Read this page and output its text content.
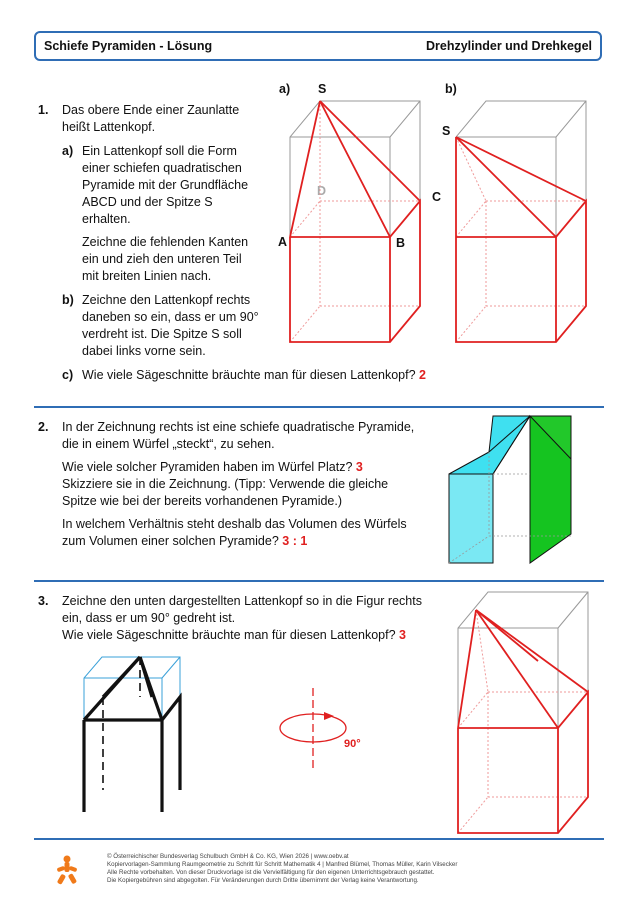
Schiefe Pyramiden - Lösung	Drehzylinder und Drehkegel
1. Das obere Ende einer Zaunlatte
heißt Lattenkopf.
a) Ein Lattenkopf soll die Form
einer schiefen quadratischen
Pyramide mit der Grundfläche
ABCD und der Spitze S
erhalten.
Zeichne die fehlenden Kanten
ein und zieh den unteren Teil
mit breiten Linien nach.
b) Zeichne den Lattenkopf rechts
daneben so ein, dass er um 90°
verdreht ist. Die Spitze S soll
dabei links vorne sein.
c) Wie viele Sägeschnitte bräuchte man für diesen Lattenkopf? 2
a)	b)
S
D	C
A	B
S
2. In der Zeichnung rechts ist eine schiefe quadratische Pyramide,
die in einem Würfel „steckt“, zu sehen.
Wie viele solcher Pyramiden haben im Würfel Platz? 3
Skizziere sie in die Zeichnung. (Tipp: Verwende die gleiche
Spitze wie bei der bereits vorhandenen Pyramide.)
In welchem Verhältnis steht deshalb das Volumen des Würfels
zum Volumen einer solchen Pyramide? 3 : 1
3. Zeichne den unten dargestellten Lattenkopf so in die Figur rechts
ein, dass er um 90° gedreht ist.
Wie viele Sägeschnitte bräuchte man für diesen Lattenkopf? 3
90°
© Österreichischer Bundesverlag Schulbuch GmbH & Co. KG, Wien 2026 | www.oebv.at
Kopiervorlagen-Sammlung Raumgeometrie zu Schritt für Schritt Mathematik 4 | Manfred Blümel, Thomas Müller, Karin Vilsecker
Alle Rechte vorbehalten. Von dieser Druckvorlage ist die Vervielfältigung für den eigenen Unterrichtsgebrauch gestattet.
Die Kopiergebühren sind abgegolten. Für Veränderungen durch Dritte übernimmt der Verlag keine Verantwortung.
